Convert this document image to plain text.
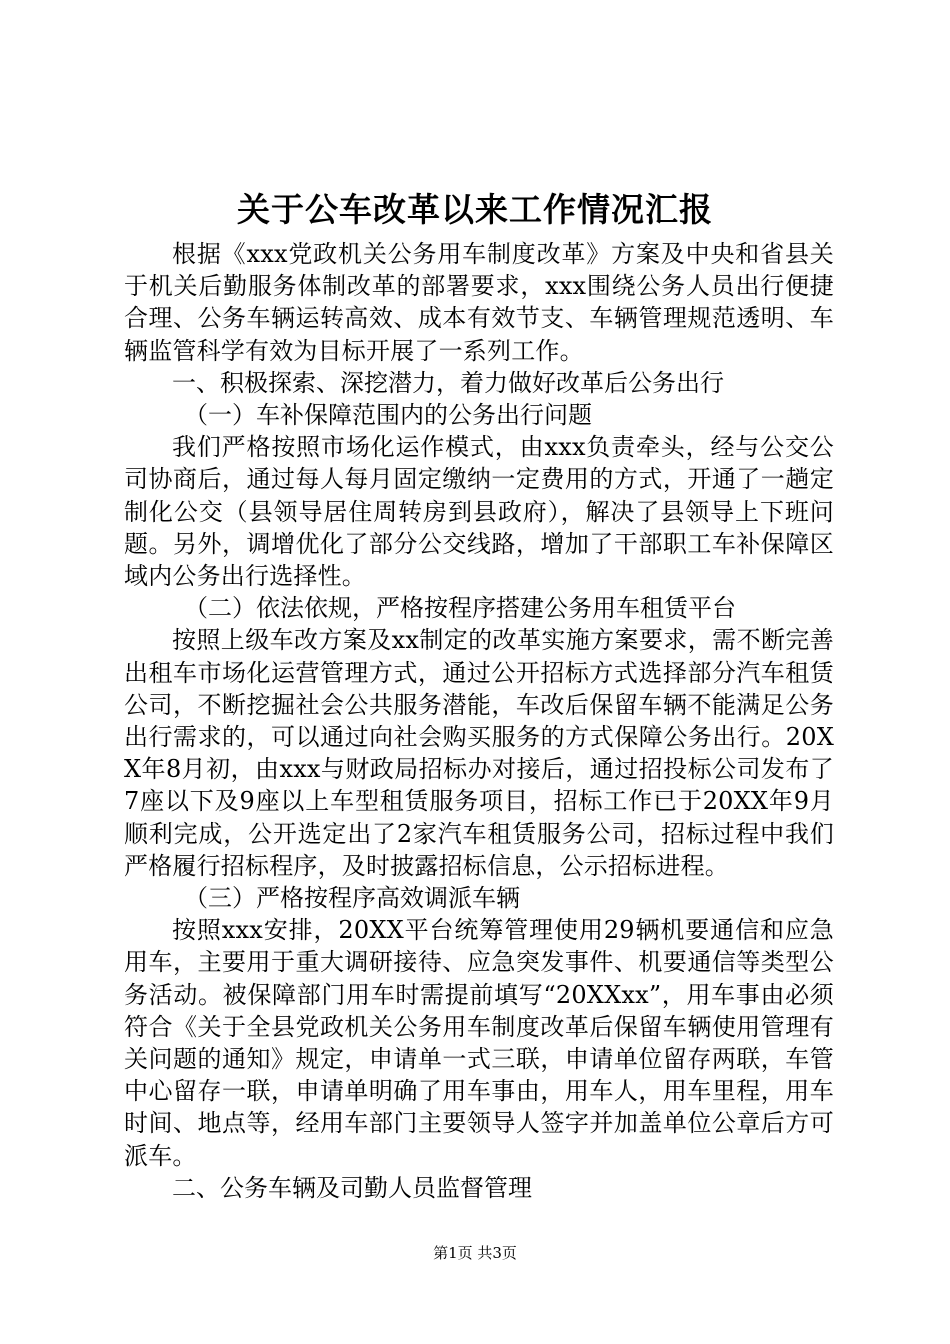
关于公车改革以来工作情况汇报

根据《xxx党政机关公务用车制度改革》方案及中央和省县关于机关后勤服务体制改革的部署要求，xxx围绕公务人员出行便捷合理、公务车辆运转高效、成本有效节支、车辆管理规范透明、车辆监管科学有效为目标开展了一系列工作。

一、积极探索、深挖潜力，着力做好改革后公务出行

（一）车补保障范围内的公务出行问题

我们严格按照市场化运作模式，由xxx负责牵头，经与公交公司协商后，通过每人每月固定缴纳一定费用的方式，开通了一趟定制化公交（县领导居住周转房到县政府），解决了县领导上下班问题。另外，调增优化了部分公交线路，增加了干部职工车补保障区域内公务出行选择性。

（二）依法依规，严格按程序搭建公务用车租赁平台

按照上级车改方案及xx制定的改革实施方案要求，需不断完善出租车市场化运营管理方式，通过公开招标方式选择部分汽车租赁公司，不断挖掘社会公共服务潜能，车改后保留车辆不能满足公务出行需求的，可以通过向社会购买服务的方式保障公务出行。20XX年8月初，由xxx与财政局招标办对接后，通过招投标公司发布了7座以下及9座以上车型租赁服务项目，招标工作已于20XX年9月顺利完成，公开选定出了2家汽车租赁服务公司，招标过程中我们严格履行招标程序，及时披露招标信息，公示招标进程。

（三）严格按程序高效调派车辆

按照xxx安排，20XX平台统筹管理使用29辆机要通信和应急用车，主要用于重大调研接待、应急突发事件、机要通信等类型公务活动。被保障部门用车时需提前填写“20XXxx”，用车事由必须符合《关于全县党政机关公务用车制度改革后保留车辆使用管理有关问题的通知》规定，申请单一式三联，申请单位留存两联，车管中心留存一联，申请单明确了用车事由，用车人，用车里程，用车时间、地点等，经用车部门主要领导人签字并加盖单位公章后方可派车。

二、公务车辆及司勤人员监督管理

第1页 共3页
